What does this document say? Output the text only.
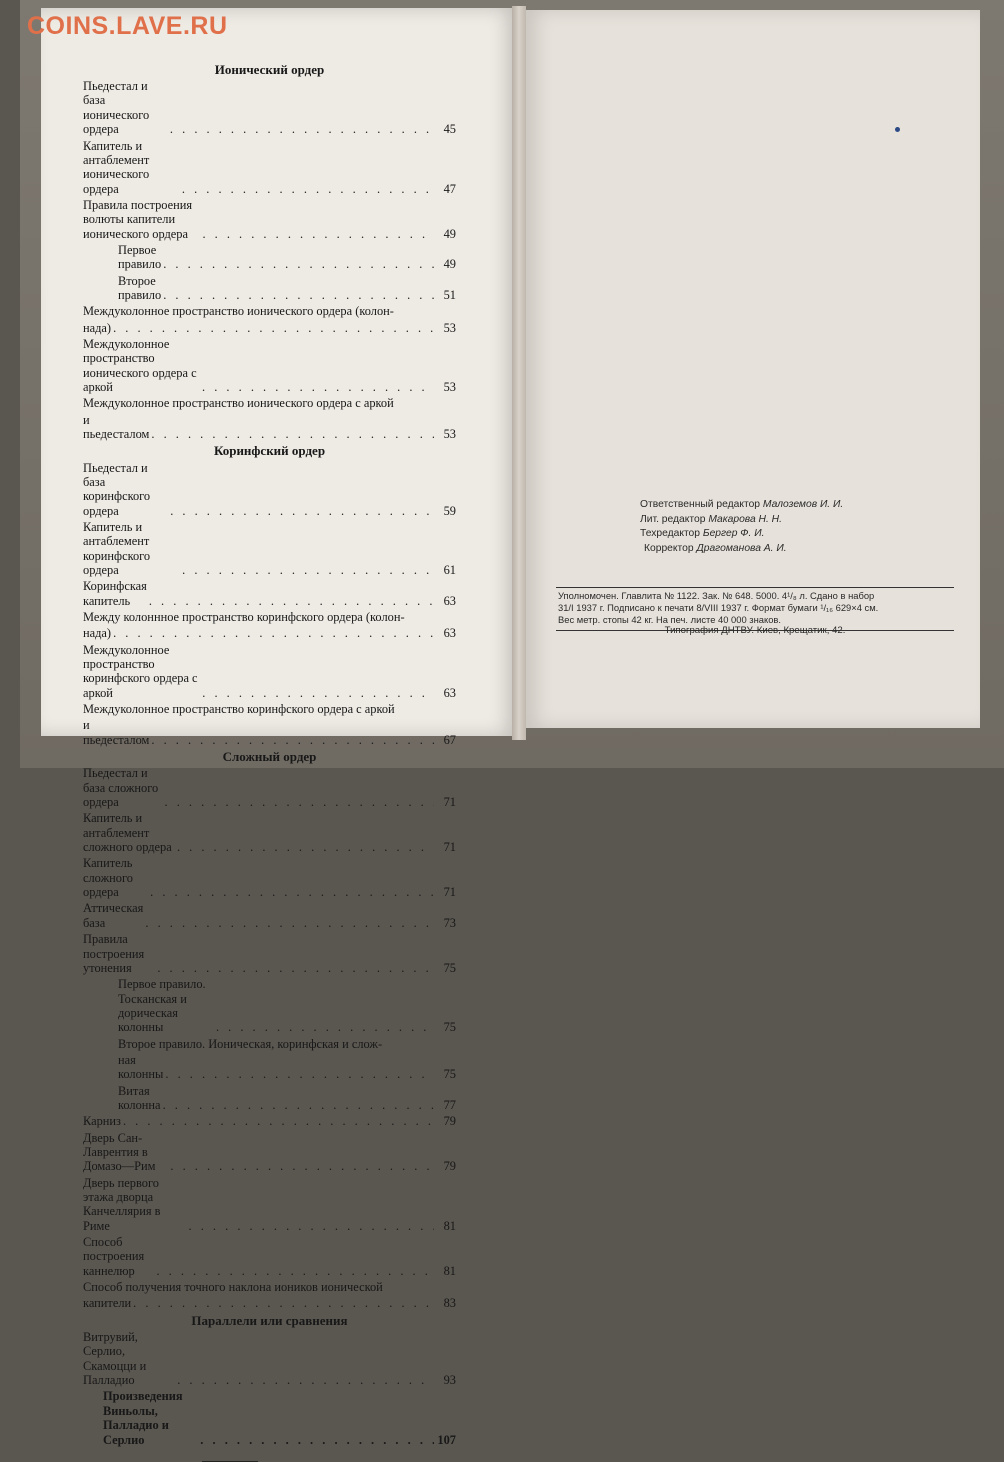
COINS.LAVE.RU
Ионический ордер
Пьедестал и база ионического ордера . . .	45
Капитель и антаблемент ионического ордера . . .	47
Правила построения волюты капители ионического ордера . . .	49
Первое правило . . .	49
Второе правило . . .	51
Междуколонное пространство ионического ордера (колон-
нада) . . .	53
Междуколонное пространство ионического ордера с аркой . . .	53
Междуколонное пространство ионического ордера с аркой
и пьедесталом . . .	53
Коринфский ордер
Пьедестал и база коринфского ордера . . .	59
Капитель и антаблемент коринфского ордера . . .	61
Коринфская капитель . . .	63
Между колоннное пространство коринфского ордера (колон-
нада) . . .	63
Междуколонное пространство коринфского ордера с аркой . . .	63
Междуколонное пространство коринфского ордера с аркой
и пьедесталом . . .	67
Сложный ордер
Пьедестал и база сложного ордера . . .	71
Капитель и антаблемент сложного ордера . . .	71
Капитель сложного ордера . . .	71
Аттическая база . . .	73
Правила построения утонения . . .	75
Первое правило. Тосканская и дорическая колонны . . .	75
Второе правило. Ионическая, коринфская и слож-
ная колонны . . .	75
Витая колонна . . .	77
Карниз . . .	79
Дверь Сан-Лаврентия в Домазо—Рим . . .	79
Дверь первого этажа дворца Канчеллярия в Риме . . .	81
Способ построения каннелюр . . .	81
Способ получения точного наклона иоников ионической
капители . . .	83
Параллели или сравнения
Витрувий, Серлио, Скамоцци и Палладио . . .	93
Произведения Виньолы, Палладио и Серлио . . .	107
Ответственный редактор Малоземов И. И.
Лит. редактор Макарова Н. Н.
Техредактор Бергер Ф. И.
Корректор Драгоманова А. И.
Уполномочен. Главлита № 1122. Зак. № 648. 5000. 4¹/₈ л. Сдано в набор
31/I 1937 г. Подписано к печати 8/VIII 1937 г. Формат бумаги ¹/₁₆ 629×4 см.
Вес метр. стопы 42 кг. На печ. листе 40 000 знаков.
Типография ДНТВУ. Киев, Крещатик, 42.
